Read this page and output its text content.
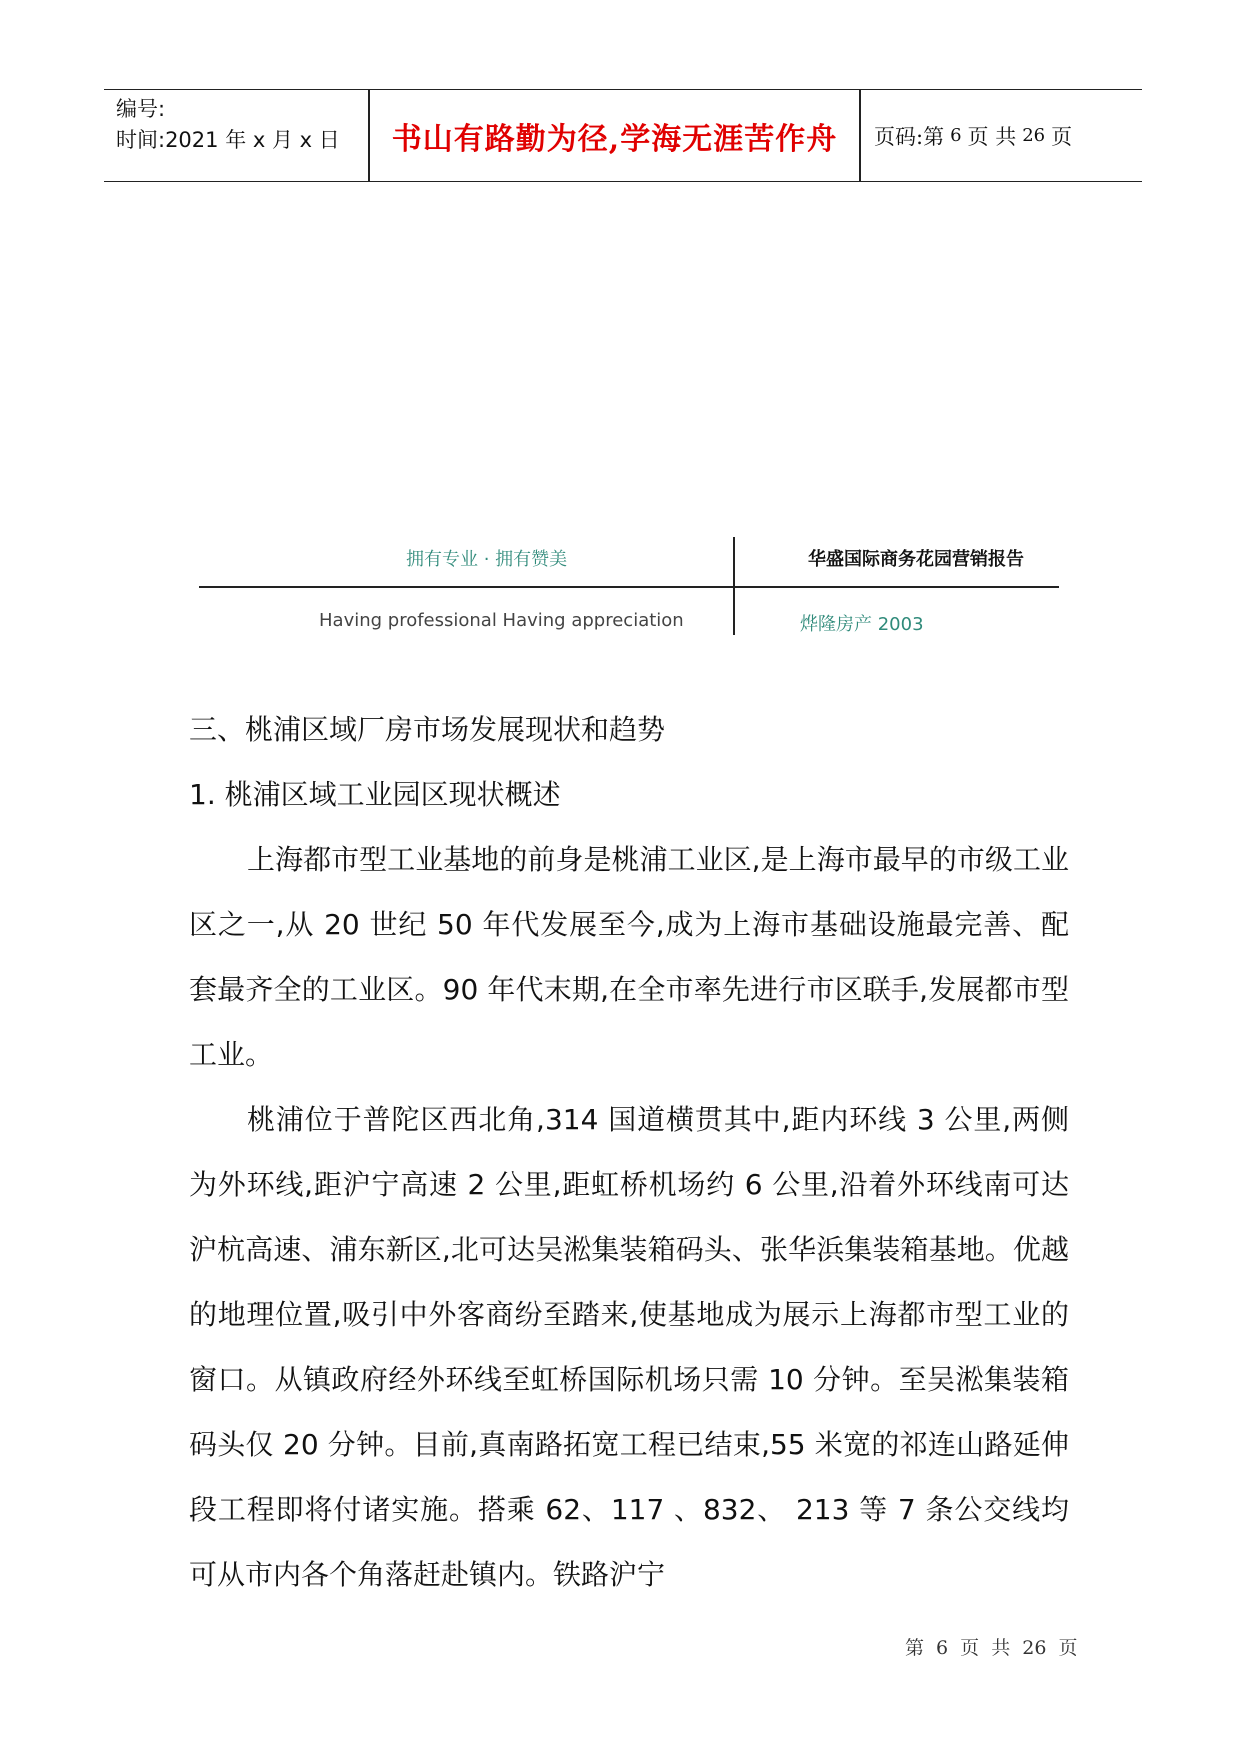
编号:
时间:2021 年 x 月 x 日	书山有路勤为径,学海无涯苦作舟	页码:第 6 页 共 26 页
拥有专业 · 拥有赞美	华盛国际商务花园营销报告
Having professional Having appreciation	烨隆房产 2003

三、桃浦区域厂房市场发展现状和趋势

1. 桃浦区域工业园区现状概述

上海都市型工业基地的前身是桃浦工业区,是上海市最早的市级工业区之一,从 20 世纪 50 年代发展至今,成为上海市基础设施最完善、配套最齐全的工业区。90 年代末期,在全市率先进行市区联手,发展都市型工业。

桃浦位于普陀区西北角,314 国道横贯其中,距内环线 3 公里,两侧为外环线,距沪宁高速 2 公里,距虹桥机场约 6 公里,沿着外环线南可达沪杭高速、浦东新区,北可达吴淞集装箱码头、张华浜集装箱基地。优越的地理位置,吸引中外客商纷至踏来,使基地成为展示上海都市型工业的窗口。从镇政府经外环线至虹桥国际机场只需 10 分钟。至吴淞集装箱码头仅 20 分钟。目前,真南路拓宽工程已结束,55 米宽的祁连山路延伸段工程即将付诸实施。搭乘 62、117 、832、 213 等 7 条公交线均可从市内各个角落赶赴镇内。铁路沪宁

第 6 页 共 26 页
